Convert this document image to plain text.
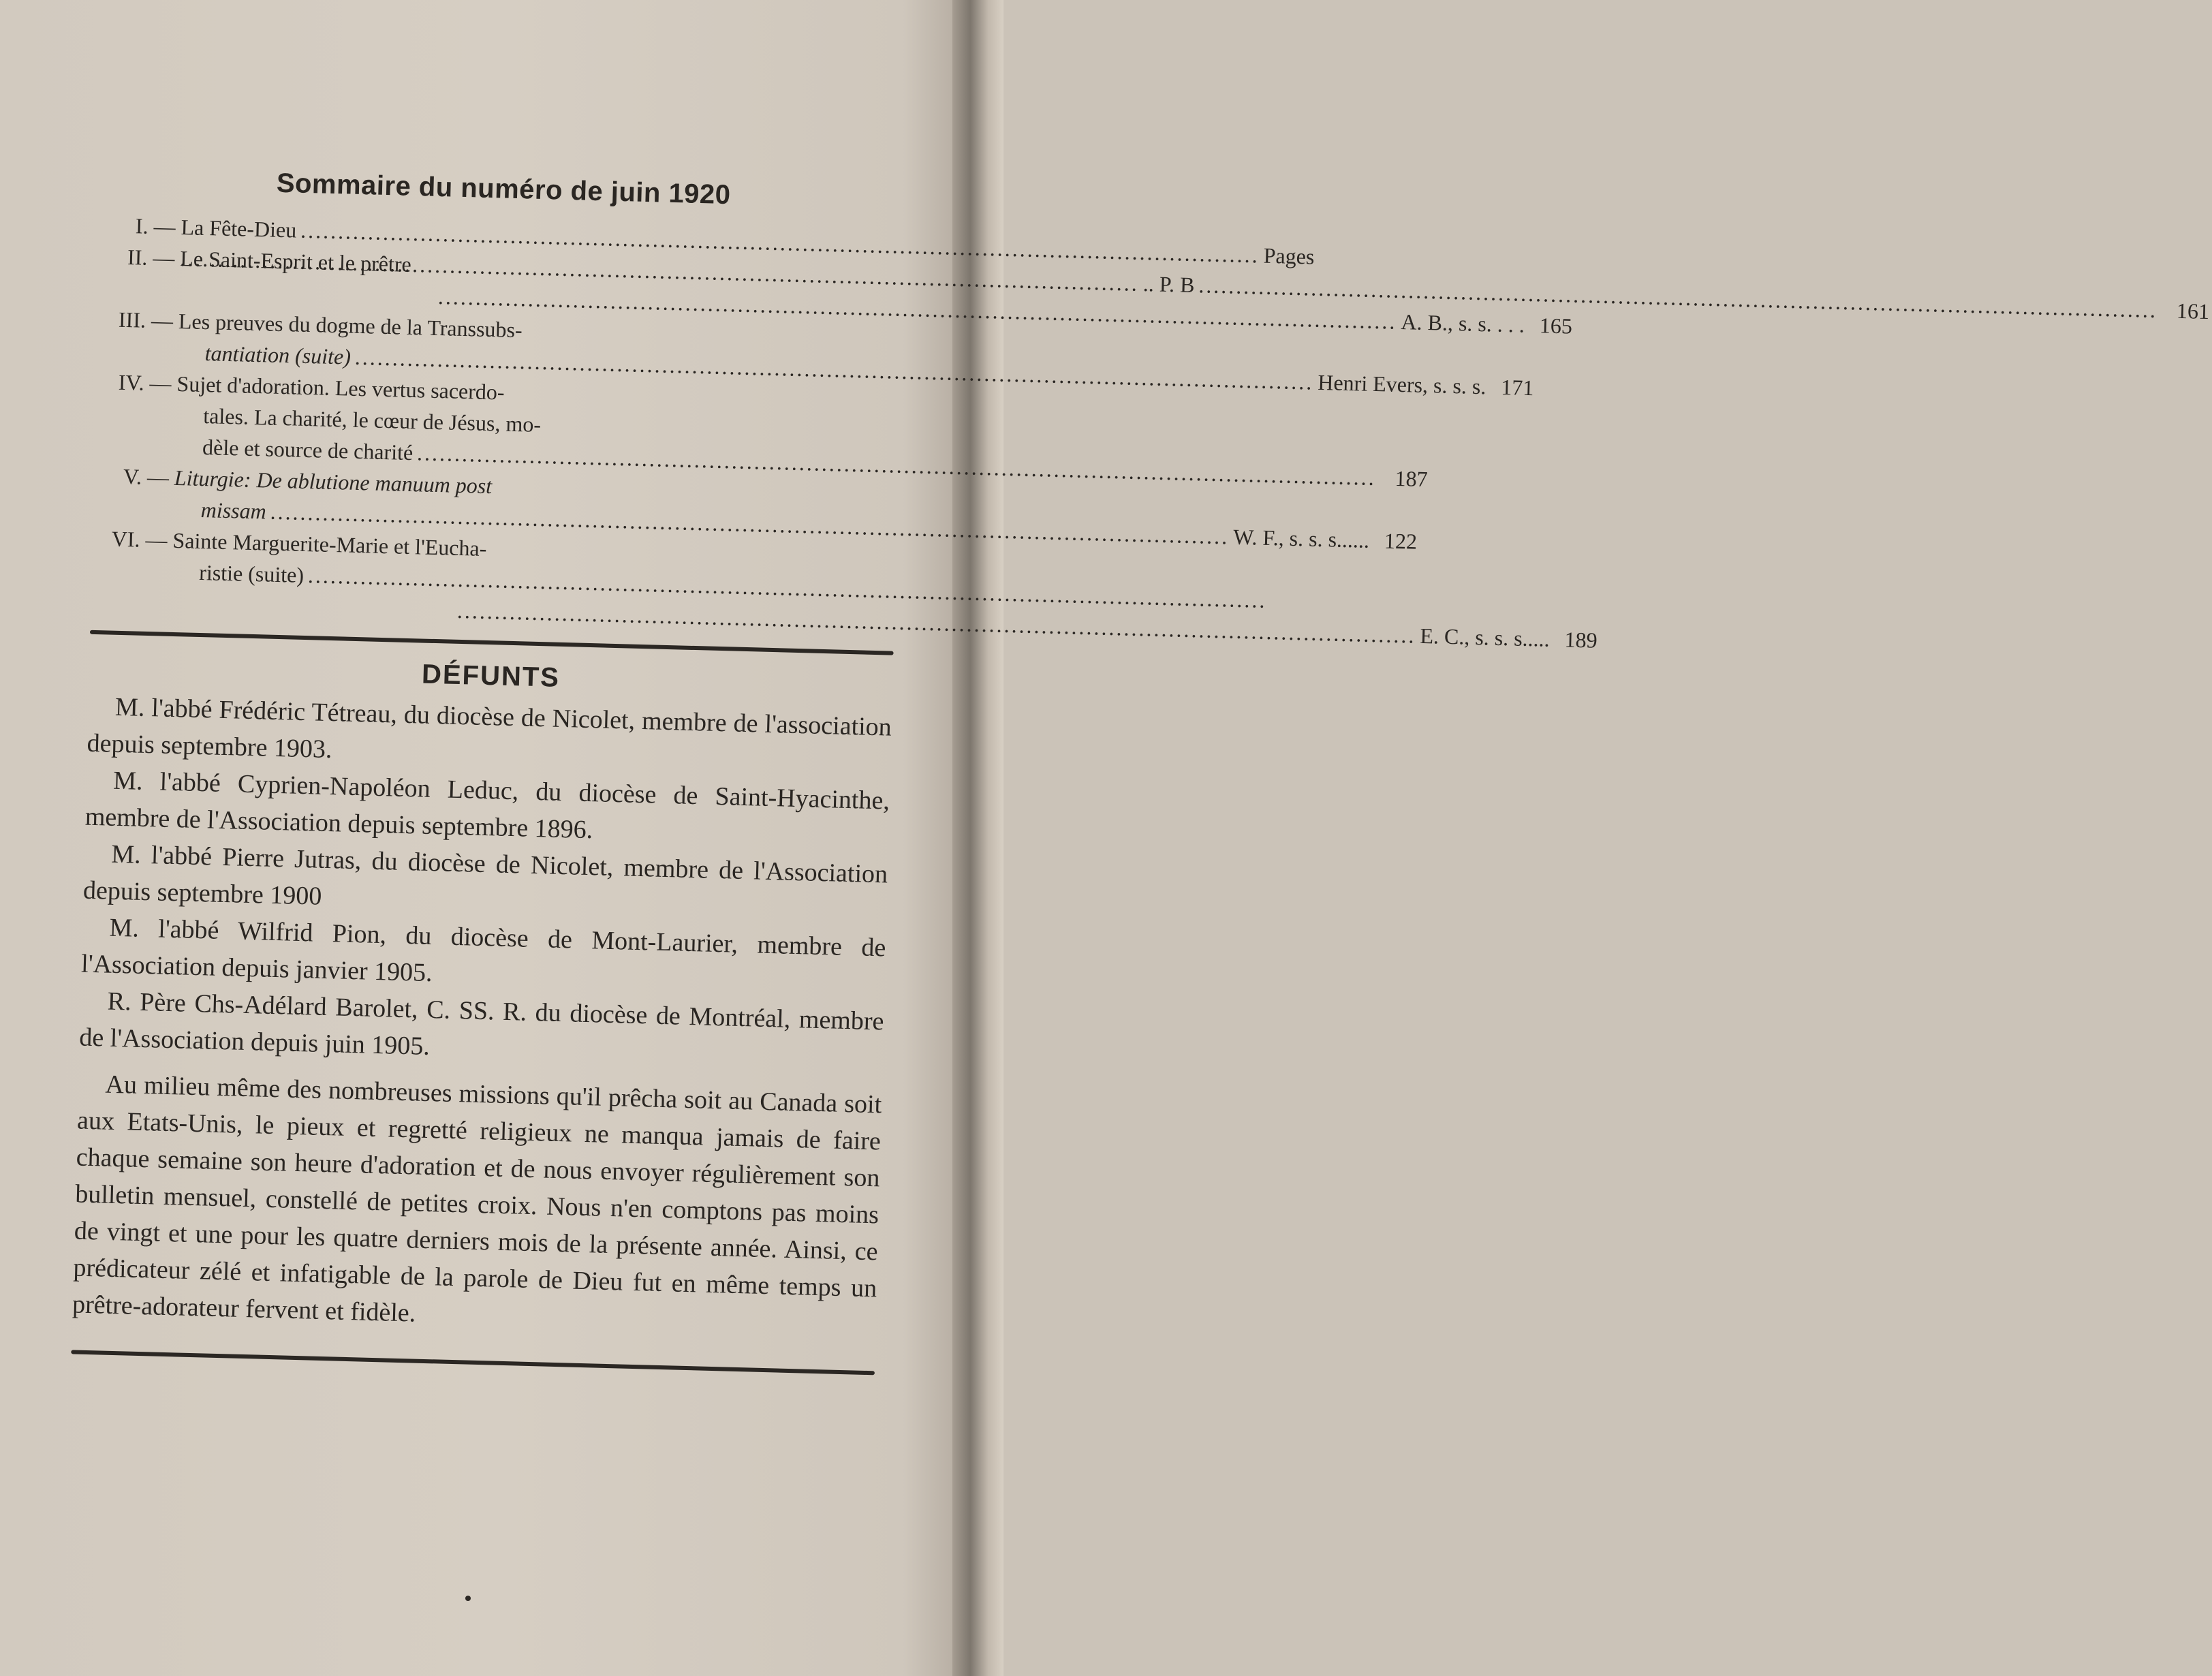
Sommaire du numéro de juin 1920
I. — La Fête-Dieu
.....
Pages
II. —
.....
.. P. B
.....
161
Le Saint-Esprit et le prêtre
.....
A. B., s. s. . . . 165
III. — Les preuves du dogme de la Transsubs-
tantiation (suite)
.....
Henri Evers, s. s. s. 171
IV. — Sujet d'adoration. Les vertus sacerdo-
tales. La charité, le cœur de Jésus, mo-
dèle et source de charité
.....
187
V. — Liturgie: De ablutione manuum post
missam
.....
W. F., s. s. s...... 122
VI. — Sainte Marguerite-Marie et l'Eucha-
ristie (suite)
.....
.....
E. C., s. s. s..... 189
DÉFUNTS

M. l'abbé Frédéric Tétreau, du diocèse de Nicolet, membre de l'association depuis septembre 1903.

M. l'abbé Cyprien-Napoléon Leduc, du diocèse de Saint-Hyacinthe, membre de l'Association depuis septembre 1896.

M. l'abbé Pierre Jutras, du diocèse de Nicolet, membre de l'Association depuis septembre 1900

M. l'abbé Wilfrid Pion, du diocèse de Mont-Laurier, membre de l'Association depuis janvier 1905.

R. Père Chs-Adélard Barolet, C. SS. R. du diocèse de Montréal, membre de l'Association depuis juin 1905.

Au milieu même des nombreuses missions qu'il prêcha soit au Canada soit aux Etats-Unis, le pieux et regretté religieux ne manqua jamais de faire chaque semaine son heure d'adoration et de nous envoyer régulièrement son bulletin mensuel, constellé de petites croix. Nous n'en comptons pas moins de vingt et une pour les quatre derniers mois de la présente année. Ainsi, ce prédicateur zélé et infatigable de la parole de Dieu fut en même temps un prêtre-adorateur fervent et fidèle.
